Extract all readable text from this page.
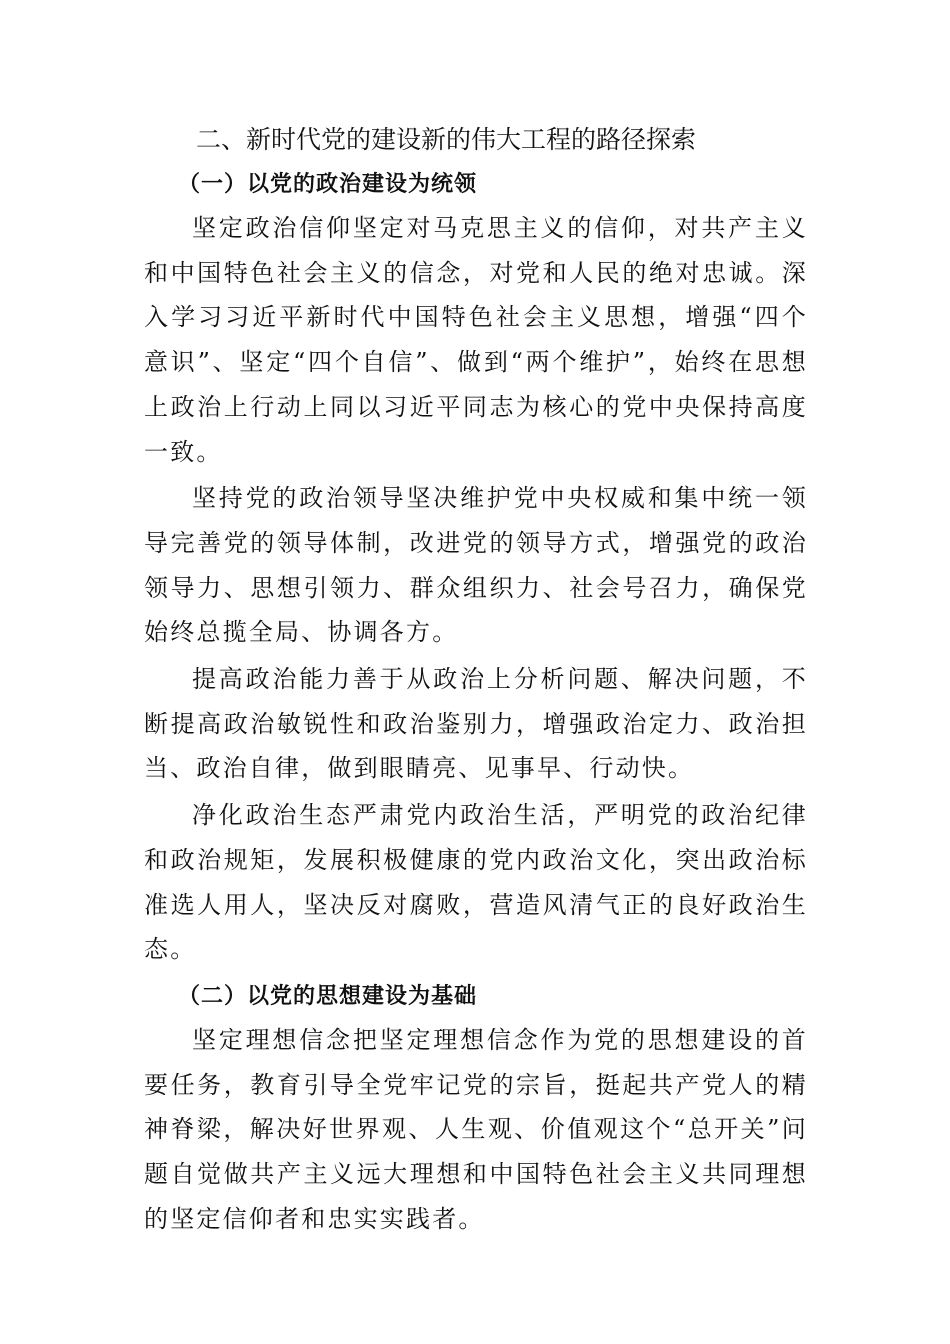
二、新时代党的建设新的伟大工程的路径探索
（一）以党的政治建设为统领

坚定政治信仰坚定对马克思主义的信仰，对共产主义和中国特色社会主义的信念，对党和人民的绝对忠诚。深入学习习近平新时代中国特色社会主义思想，增强“四个意识”、坚定“四个自信”、做到“两个维护”，始终在思想上政治上行动上同以习近平同志为核心的党中央保持高度一致。

坚持党的政治领导坚决维护党中央权威和集中统一领导完善党的领导体制，改进党的领导方式，增强党的政治领导力、思想引领力、群众组织力、社会号召力，确保党始终总揽全局、协调各方。

提高政治能力善于从政治上分析问题、解决问题，不断提高政治敏锐性和政治鉴别力，增强政治定力、政治担当、政治自律，做到眼睛亮、见事早、行动快。

净化政治生态严肃党内政治生活，严明党的政治纪律和政治规矩，发展积极健康的党内政治文化，突出政治标准选人用人，坚决反对腐败，营造风清气正的良好政治生态。

（二）以党的思想建设为基础

坚定理想信念把坚定理想信念作为党的思想建设的首要任务，教育引导全党牢记党的宗旨，挺起共产党人的精神脊梁，解决好世界观、人生观、价值观这个“总开关”问题自觉做共产主义远大理想和中国特色社会主义共同理想的坚定信仰者和忠实实践者。
